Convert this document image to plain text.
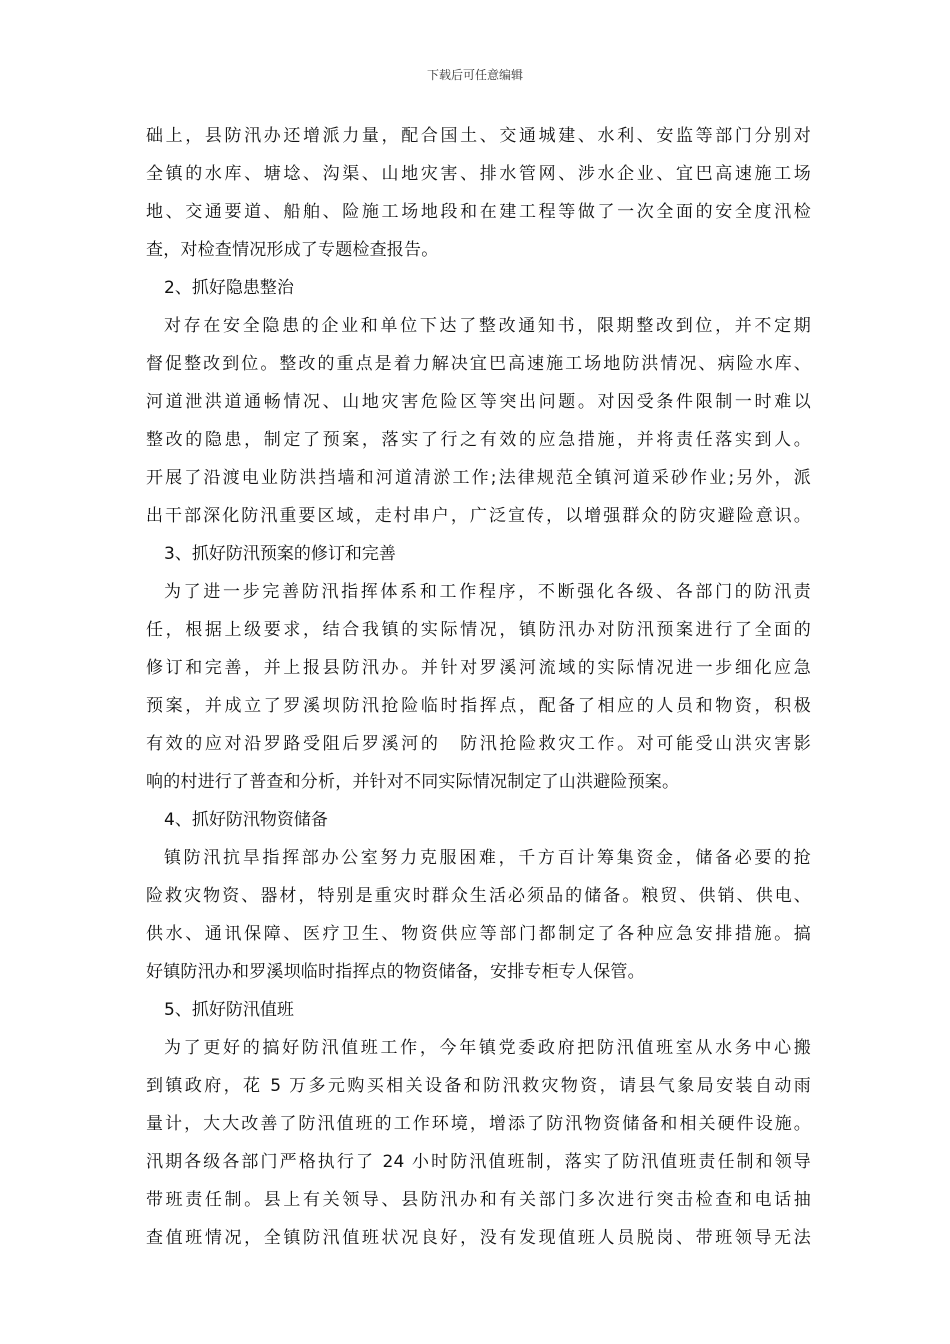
下载后可任意编辑
础上，县防汛办还增派力量，配合国土、交通城建、水利、安监等部门分别对
全镇的水库、塘埝、沟渠、山地灾害、排水管网、涉水企业、宜巴高速施工场
地、交通要道、船舶、险施工场地段和在建工程等做了一次全面的安全度汛检
查，对检查情况形成了专题检查报告。
2、抓好隐患整治
对存在安全隐患的企业和单位下达了整改通知书，限期整改到位，并不定期
督促整改到位。整改的重点是着力解决宜巴高速施工场地防洪情况、病险水库、
河道泄洪道通畅情况、山地灾害危险区等突出问题。对因受条件限制一时难以
整改的隐患，制定了预案，落实了行之有效的应急措施，并将责任落实到人。
开展了沿渡电业防洪挡墙和河道清淤工作;法律规范全镇河道采砂作业;另外，派
出干部深化防汛重要区域，走村串户，广泛宣传，以增强群众的防灾避险意识。
3、抓好防汛预案的修订和完善
为了进一步完善防汛指挥体系和工作程序，不断强化各级、各部门的防汛责
任，根据上级要求，结合我镇的实际情况，镇防汛办对防汛预案进行了全面的
修订和完善，并上报县防汛办。并针对罗溪河流域的实际情况进一步细化应急
预案，并成立了罗溪坝防汛抢险临时指挥点，配备了相应的人员和物资，积极
有效的应对沿罗路受阻后罗溪河的　防汛抢险救灾工作。对可能受山洪灾害影
响的村进行了普查和分析，并针对不同实际情况制定了山洪避险预案。
4、抓好防汛物资储备
镇防汛抗旱指挥部办公室努力克服困难，千方百计筹集资金，储备必要的抢
险救灾物资、器材，特别是重灾时群众生活必须品的储备。粮贸、供销、供电、
供水、通讯保障、医疗卫生、物资供应等部门都制定了各种应急安排措施。搞
好镇防汛办和罗溪坝临时指挥点的物资储备，安排专柜专人保管。
5、抓好防汛值班
为了更好的搞好防汛值班工作，今年镇党委政府把防汛值班室从水务中心搬
到镇政府，花 5 万多元购买相关设备和防汛救灾物资，请县气象局安装自动雨
量计，大大改善了防汛值班的工作环境，增添了防汛物资储备和相关硬件设施。
汛期各级各部门严格执行了 24 小时防汛值班制，落实了防汛值班责任制和领导
带班责任制。县上有关领导、县防汛办和有关部门多次进行突击检查和电话抽
查值班情况，全镇防汛值班状况良好，没有发现值班人员脱岗、带班领导无法
